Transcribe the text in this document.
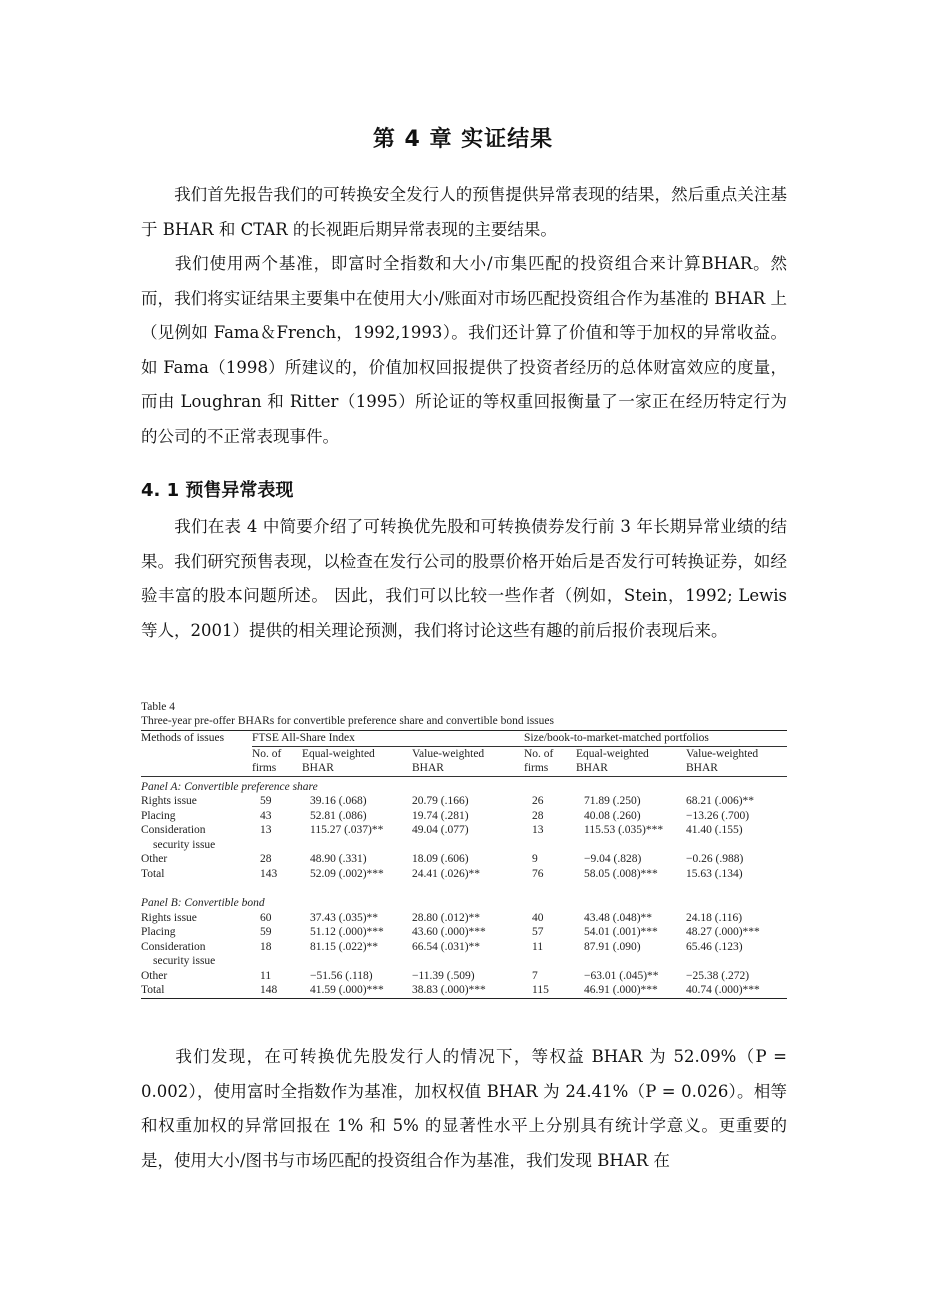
第 4 章 实证结果

我们首先报告我们的可转换安全发行人的预售提供异常表现的结果，然后重点关注基于 BHAR 和 CTAR 的长视距后期异常表现的主要结果。

我们使用两个基准，即富时全指数和大小/市集匹配的投资组合来计算BHAR。然而，我们将实证结果主要集中在使用大小/账面对市场匹配投资组合作为基准的 BHAR 上（见例如 Fama＆French，1992,1993）。我们还计算了价值和等于加权的异常收益。 如 Fama（1998）所建议的，价值加权回报提供了投资者经历的总体财富效应的度量，而由 Loughran 和 Ritter（1995）所论证的等权重回报衡量了一家正在经历特定行为的公司的不正常表现事件。

4. 1 预售异常表现

我们在表 4 中简要介绍了可转换优先股和可转换债券发行前 3 年长期异常业绩的结果。我们研究预售表现，以检查在发行公司的股票价格开始后是否发行可转换证券，如经验丰富的股本问题所述。 因此，我们可以比较一些作者（例如，Stein，1992; Lewis 等人，2001）提供的相关理论预测，我们将讨论这些有趣的前后报价表现后来。

Table 4
Three-year pre-offer BHARs for convertible preference share and convertible bond issues
Methods of issues	FTSE All-Share Index			Size/book-to-market-matched portfolios		
	No. of	Equal-weighted	Value-weighted	No. of	Equal-weighted	Value-weighted
	firms	BHAR	BHAR	firms	BHAR	BHAR
Panel A: Convertible preference share						
Rights issue	59	39.16 (.068)	20.79 (.166)	26	71.89 (.250)	68.21 (.006)**
Placing	43	52.81 (.086)	19.74 (.281)	28	40.08 (.260)	−13.26 (.700)
Consideration	13	115.27 (.037)**	49.04 (.077)	13	115.53 (.035)***	41.40 (.155)
security issue						
Other	28	48.90 (.331)	18.09 (.606)	9	−9.04 (.828)	−0.26 (.988)
Total	143	52.09 (.002)***	24.41 (.026)**	76	58.05 (.008)***	15.63 (.134)

Panel B: Convertible bond						
Rights issue	60	37.43 (.035)**	28.80 (.012)**	40	43.48 (.048)**	24.18 (.116)
Placing	59	51.12 (.000)***	43.60 (.000)***	57	54.01 (.001)***	48.27 (.000)***
Consideration	18	81.15 (.022)**	66.54 (.031)**	11	87.91 (.090)	65.46 (.123)
security issue						
Other	11	−51.56 (.118)	−11.39 (.509)	7	−63.01 (.045)**	−25.38 (.272)
Total	148	41.59 (.000)***	38.83 (.000)***	115	46.91 (.000)***	40.74 (.000)***

我们发现，在可转换优先股发行人的情况下，等权益 BHAR 为 52.09%（P = 0.002），使用富时全指数作为基准，加权权值 BHAR 为 24.41%（P = 0.026）。相等和权重加权的异常回报在 1% 和 5% 的显著性水平上分别具有统计学意义。更重要的是，使用大小/图书与市场匹配的投资组合作为基准，我们发现 BHAR 在
